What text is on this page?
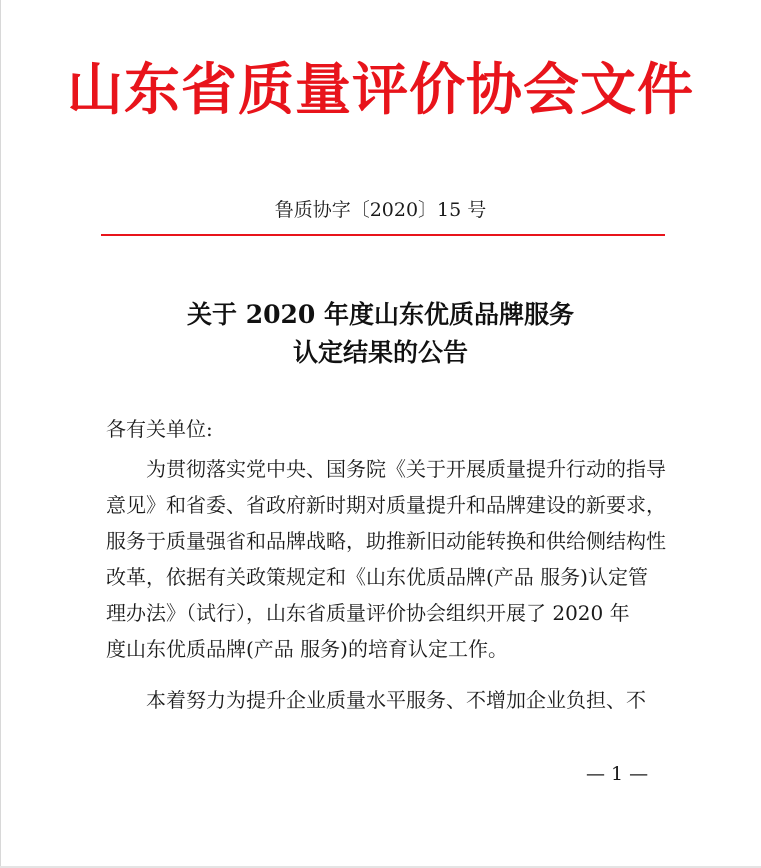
山东省质量评价协会文件
鲁质协字〔2020〕15 号
关于 2020 年度山东优质品牌服务
认定结果的公告
各有关单位:
为贯彻落实党中央、国务院《关于开展质量提升行动的指导
意见》和省委、省政府新时期对质量提升和品牌建设的新要求，
服务于质量强省和品牌战略，助推新旧动能转换和供给侧结构性
改革，依据有关政策规定和《山东优质品牌(产品 服务)认定管
理办法》（试行），山东省质量评价协会组织开展了 2020 年
度山东优质品牌(产品 服务)的培育认定工作。
本着努力为提升企业质量水平服务、不增加企业负担、不
— 1 —
